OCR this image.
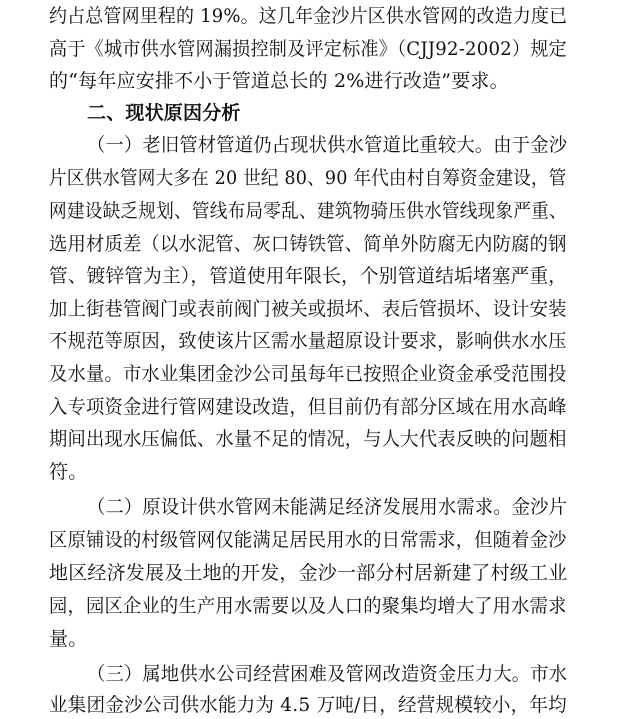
约占总管网里程的 19%。这几年金沙片区供水管网的改造力度已
高于《城市供水管网漏损控制及评定标准》（CJJ92-2002）规定
的“每年应安排不小于管道总长的 2%进行改造”要求。
二、现状原因分析
（一）老旧管材管道仍占现状供水管道比重较大。由于金沙
片区供水管网大多在 20 世纪 80、90 年代由村自筹资金建设，管
网建设缺乏规划、管线布局零乱、建筑物骑压供水管线现象严重、
选用材质差（以水泥管、灰口铸铁管、简单外防腐无内防腐的钢
管、镀锌管为主），管道使用年限长，个别管道结垢堵塞严重，
加上街巷管阀门或表前阀门被关或损坏、表后管损坏、设计安装
不规范等原因，致使该片区需水量超原设计要求，影响供水水压
及水量。市水业集团金沙公司虽每年已按照企业资金承受范围投
入专项资金进行管网建设改造，但目前仍有部分区域在用水高峰
期间出现水压偏低、水量不足的情况，与人大代表反映的问题相
符。
（二）原设计供水管网未能满足经济发展用水需求。金沙片
区原铺设的村级管网仅能满足居民用水的日常需求，但随着金沙
地区经济发展及土地的开发，金沙一部分村居新建了村级工业
园，园区企业的生产用水需要以及人口的聚集均增大了用水需求
量。
（三）属地供水公司经营困难及管网改造资金压力大。市水
业集团金沙公司供水能力为 4.5 万吨/日，经营规模较小，年均
